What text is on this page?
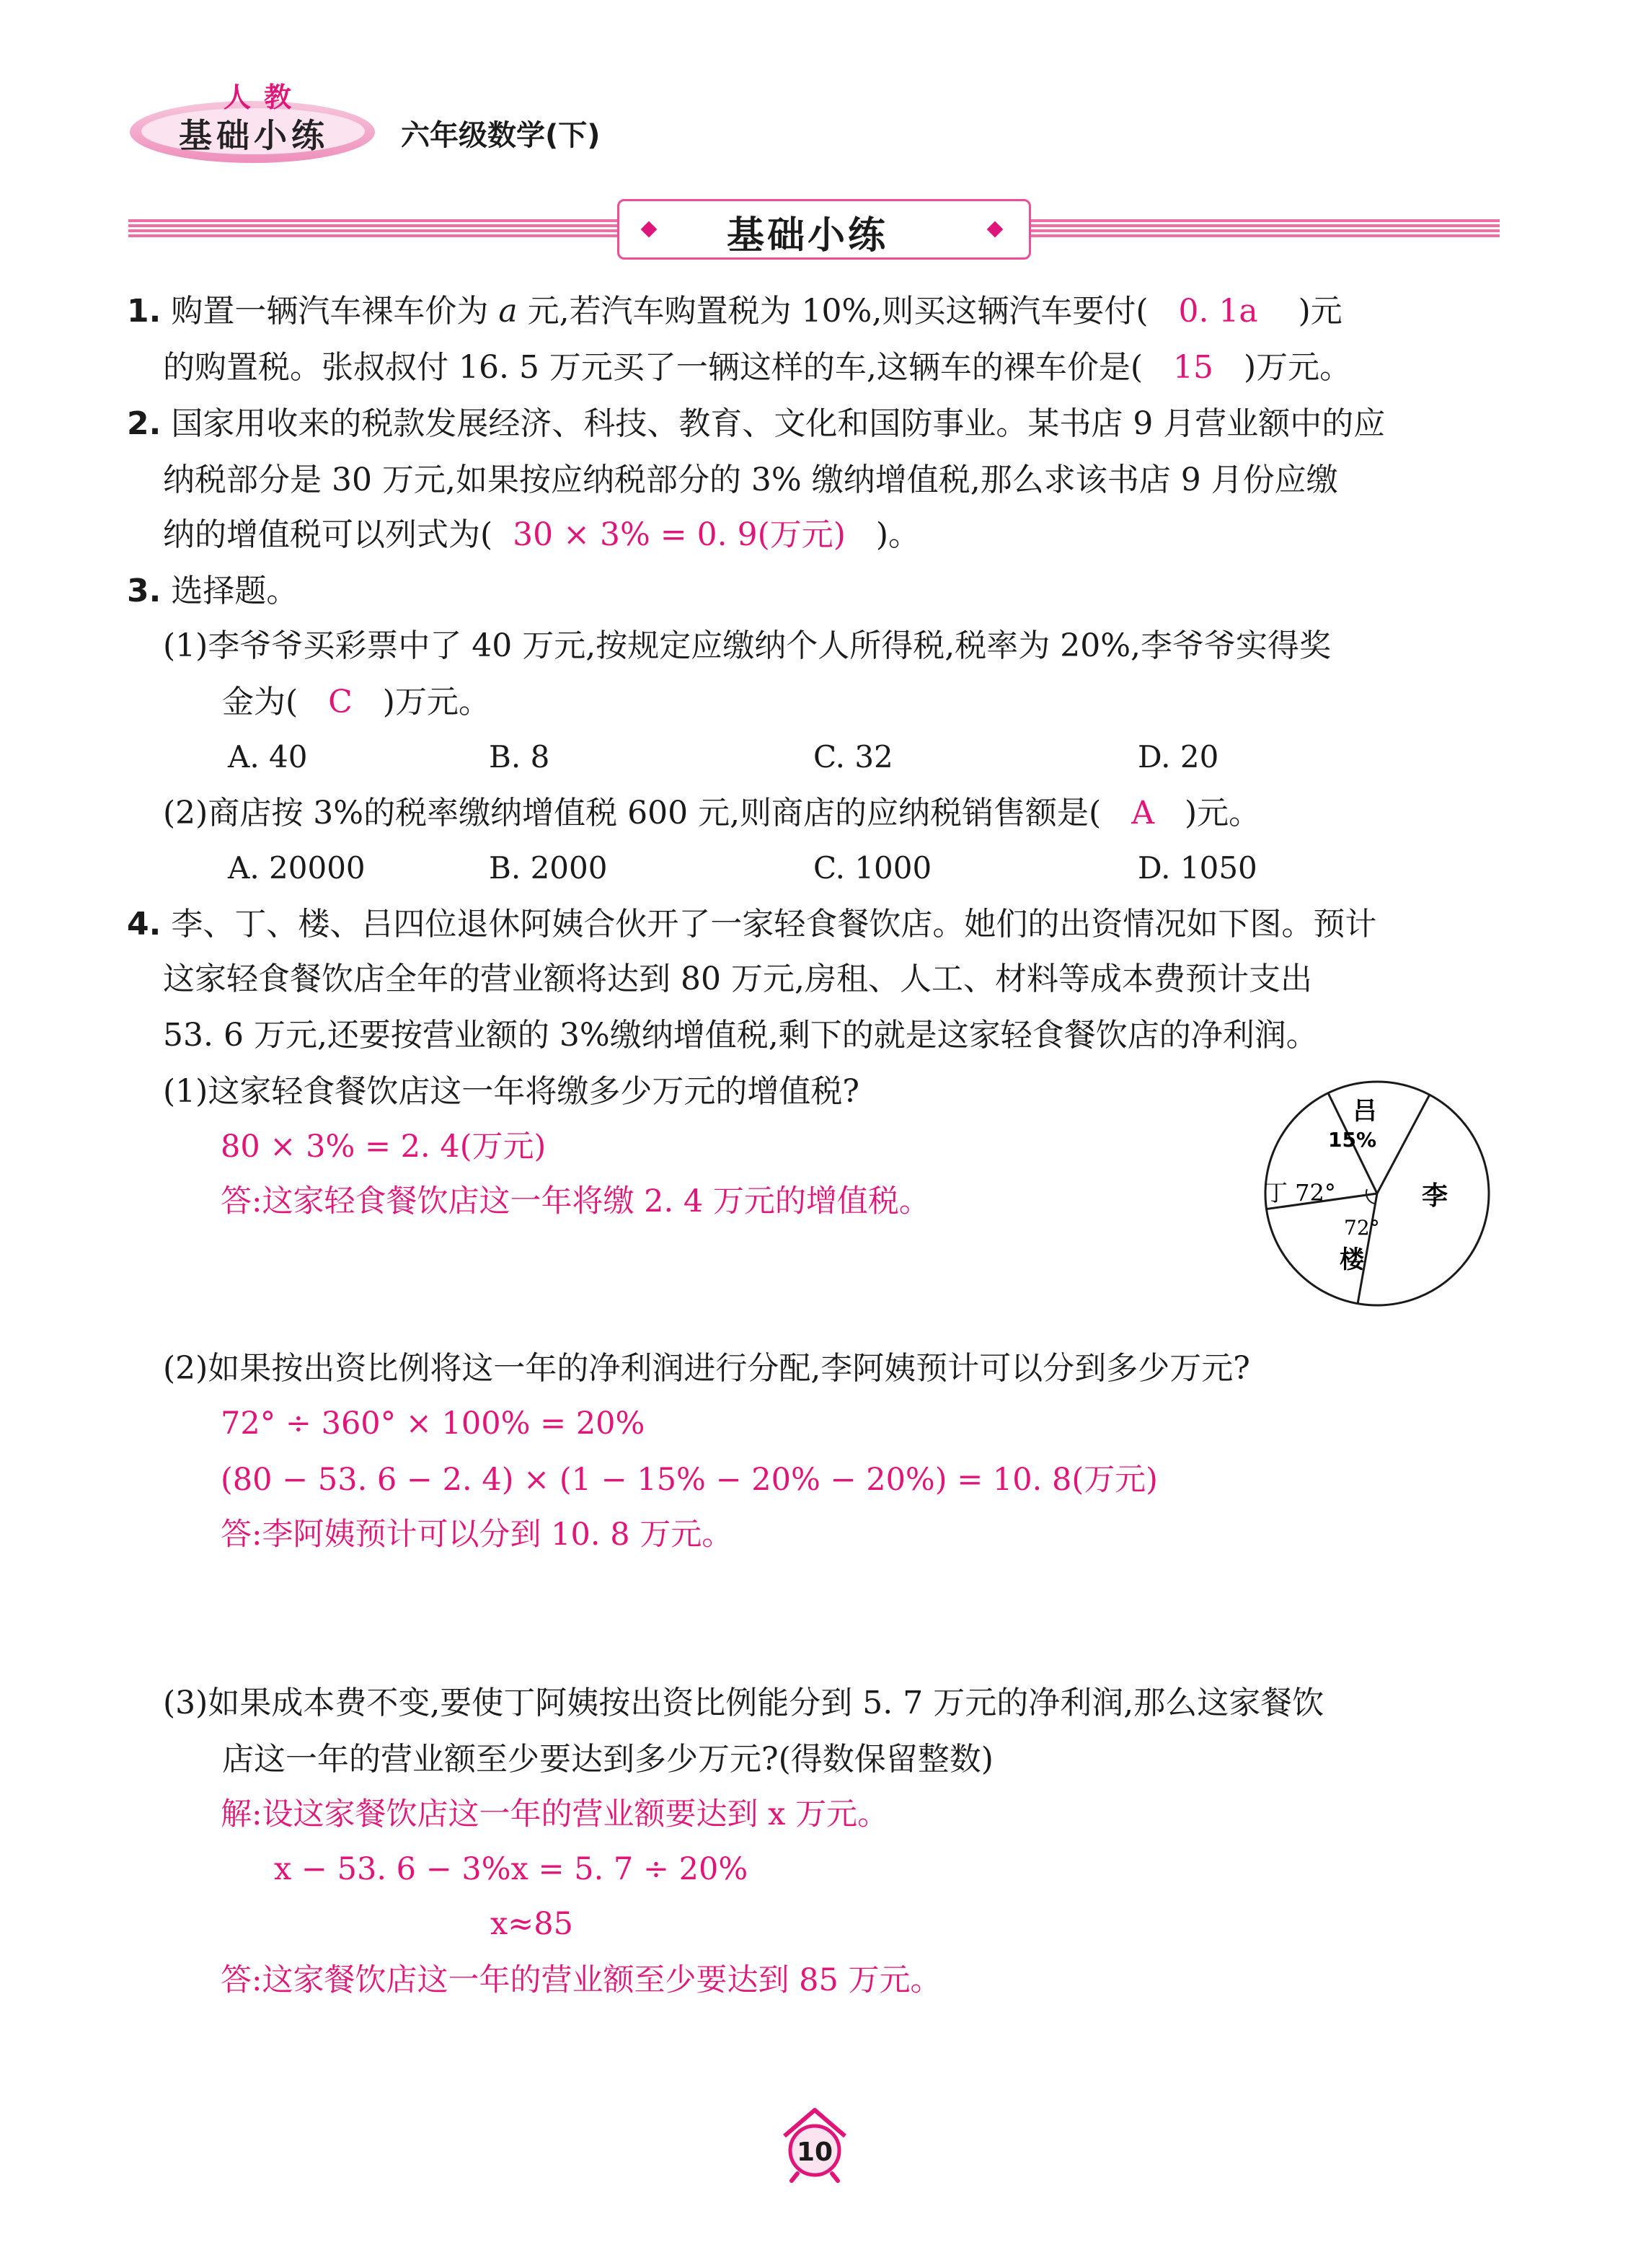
人教
基础小练	六年级数学(下)
基础小练
1. 购置一辆汽车裸车价为 a 元,若汽车购置税为 10%,则买这辆汽车要付( 0. 1a )元
的购置税。张叔叔付 16. 5 万元买了一辆这样的车,这辆车的裸车价是( 15 )万元。
2. 国家用收来的税款发展经济、科技、教育、文化和国防事业。某书店 9 月营业额中的应
纳税部分是 30 万元,如果按应纳税部分的 3% 缴纳增值税,那么求该书店 9 月份应缴
纳的增值税可以列式为( 30 × 3% = 0. 9(万元) )。
3. 选择题。
(1)李爷爷买彩票中了 40 万元,按规定应缴纳个人所得税,税率为 20%,李爷爷实得奖
金为( C )万元。
A. 40	B. 8	C. 32	D. 20
(2)商店按 3%的税率缴纳增值税 600 元,则商店的应纳税销售额是( A )元。
A. 20000	B. 2000	C. 1000	D. 1050
4. 李、丁、楼、吕四位退休阿姨合伙开了一家轻食餐饮店。她们的出资情况如下图。预计
这家轻食餐饮店全年的营业额将达到 80 万元,房租、人工、材料等成本费预计支出
53. 6 万元,还要按营业额的 3%缴纳增值税,剩下的就是这家轻食餐饮店的净利润。
(1)这家轻食餐饮店这一年将缴多少万元的增值税?
80 × 3% = 2. 4(万元)
答:这家轻食餐饮店这一年将缴 2. 4 万元的增值税。
吕
15%
丁 72°
72°
楼
李
(2)如果按出资比例将这一年的净利润进行分配,李阿姨预计可以分到多少万元?
72° ÷ 360° × 100% = 20%
(80 − 53. 6 − 2. 4) × (1 − 15% − 20% − 20%) = 10. 8(万元)
答:李阿姨预计可以分到 10. 8 万元。
(3)如果成本费不变,要使丁阿姨按出资比例能分到 5. 7 万元的净利润,那么这家餐饮
店这一年的营业额至少要达到多少万元?(得数保留整数)
解:设这家餐饮店这一年的营业额要达到 x 万元。
x − 53. 6 − 3%x = 5. 7 ÷ 20%
x≈85
答:这家餐饮店这一年的营业额至少要达到 85 万元。
10
